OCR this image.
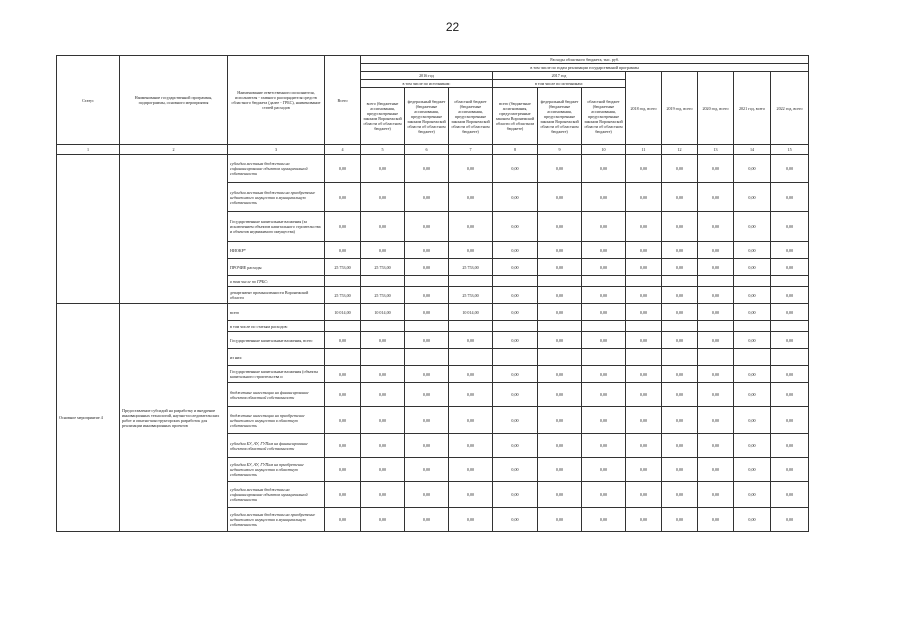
22
Статус	Наименование государственной программы, подпрограммы, основного мероприятия	Наименование ответственного исполнителя, исполнителя - главного распорядителя средств областного бюджета (далее - ГРБС), наименование статей расходов	Всего	Расходы областного бюджета, тыс. руб.										
				в том числе по годам реализации государственной программы										
				2016 год			2017 год			2018 год, всего	2019 год, всего	2020 год, всего	2021 год, всего	2022 год, всего
				в том числе по источникам:			в том числе по источникам:							
				всего (бюджетные ассигнования, предусмотренные законом Воронежской области об областном бюджете)	федеральный бюджет (бюджетные ассигнования, предусмотренные законом Воронежской области об областном бюджете)	областной бюджет (бюджетные ассигнования, предусмотренные законом Воронежской области об областном бюджете)	всего (бюджетные ассигнования, предусмотренные законом Воронежской области об областном бюджете)	федеральный бюджет (бюджетные ассигнования, предусмотренные законом Воронежской области об областном бюджете)	областной бюджет (бюджетные ассигнования, предусмотренные законом Воронежской области об областном бюджете)					
1	2	3	4	5	6	7	8	9	10	11	12	13	14	15
		субсидии местным бюджетам на софинансирование объектов муниципальной собственности	0,00	0,00	0,00	0,00	0,00	0,00	0,00	0,00	0,00	0,00	0,00	0,00
		субсидии местным бюджетам на приобретение недвижимого имущества в муниципальную собственность	0,00	0,00	0,00	0,00	0,00	0,00	0,00	0,00	0,00	0,00	0,00	0,00
		Государственные капитальные вложения (за исключением объектов капитального строительства и объектов недвижимого имущества)	0,00	0,00	0,00	0,00	0,00	0,00	0,00	0,00	0,00	0,00	0,00	0,00
		НИОКР*	0,00	0,00	0,00	0,00	0,00	0,00	0,00	0,00	0,00	0,00	0,00	0,00
		ПРОЧИЕ расходы	25 753,00	25 753,00	0,00	25 753,00	0,00	0,00	0,00	0,00	0,00	0,00	0,00	0,00
		в том числе по ГРБС:												
		департамент промышленности Воронежской области	25 753,00	25 753,00	0,00	25 753,00	0,00	0,00	0,00	0,00	0,00	0,00	0,00	0,00
Основное мероприятие 4	Предоставление субсидий на разработку и внедрение инновационных технологий, научно-исследовательских работ и опытно-конструкторских разработок для реализации инновационных проектов	всего	10 014,00	10 014,00	0,00	10 014,00	0,00	0,00	0,00	0,00	0,00	0,00	0,00	0,00
		в том числе по статьям расходов:												
		Государственные капитальные вложения, всего	0,00	0,00	0,00	0,00	0,00	0,00	0,00	0,00	0,00	0,00	0,00	0,00
		из них:												
		Государственные капитальные вложения (объекты капитального строительства и	0,00	0,00	0,00	0,00	0,00	0,00	0,00	0,00	0,00	0,00	0,00	0,00
		бюджетные инвестиции на финансирование объектов областной собственности	0,00	0,00	0,00	0,00	0,00	0,00	0,00	0,00	0,00	0,00	0,00	0,00
		бюджетные инвестиции на приобретение недвижимого имущества в областную собственность	0,00	0,00	0,00	0,00	0,00	0,00	0,00	0,00	0,00	0,00	0,00	0,00
		субсидии БУ, АУ, ГУПам на финансирование объектов областной собственности	0,00	0,00	0,00	0,00	0,00	0,00	0,00	0,00	0,00	0,00	0,00	0,00
		субсидии БУ, АУ, ГУПам на приобретение недвижимого имущества в областную собственность	0,00	0,00	0,00	0,00	0,00	0,00	0,00	0,00	0,00	0,00	0,00	0,00
		субсидии местным бюджетам на софинансирование объектов муниципальной собственности	0,00	0,00	0,00	0,00	0,00	0,00	0,00	0,00	0,00	0,00	0,00	0,00
		субсидии местным бюджетам на приобретение недвижимого имущества в муниципальную собственность	0,00	0,00	0,00	0,00	0,00	0,00	0,00	0,00	0,00	0,00	0,00	0,00
